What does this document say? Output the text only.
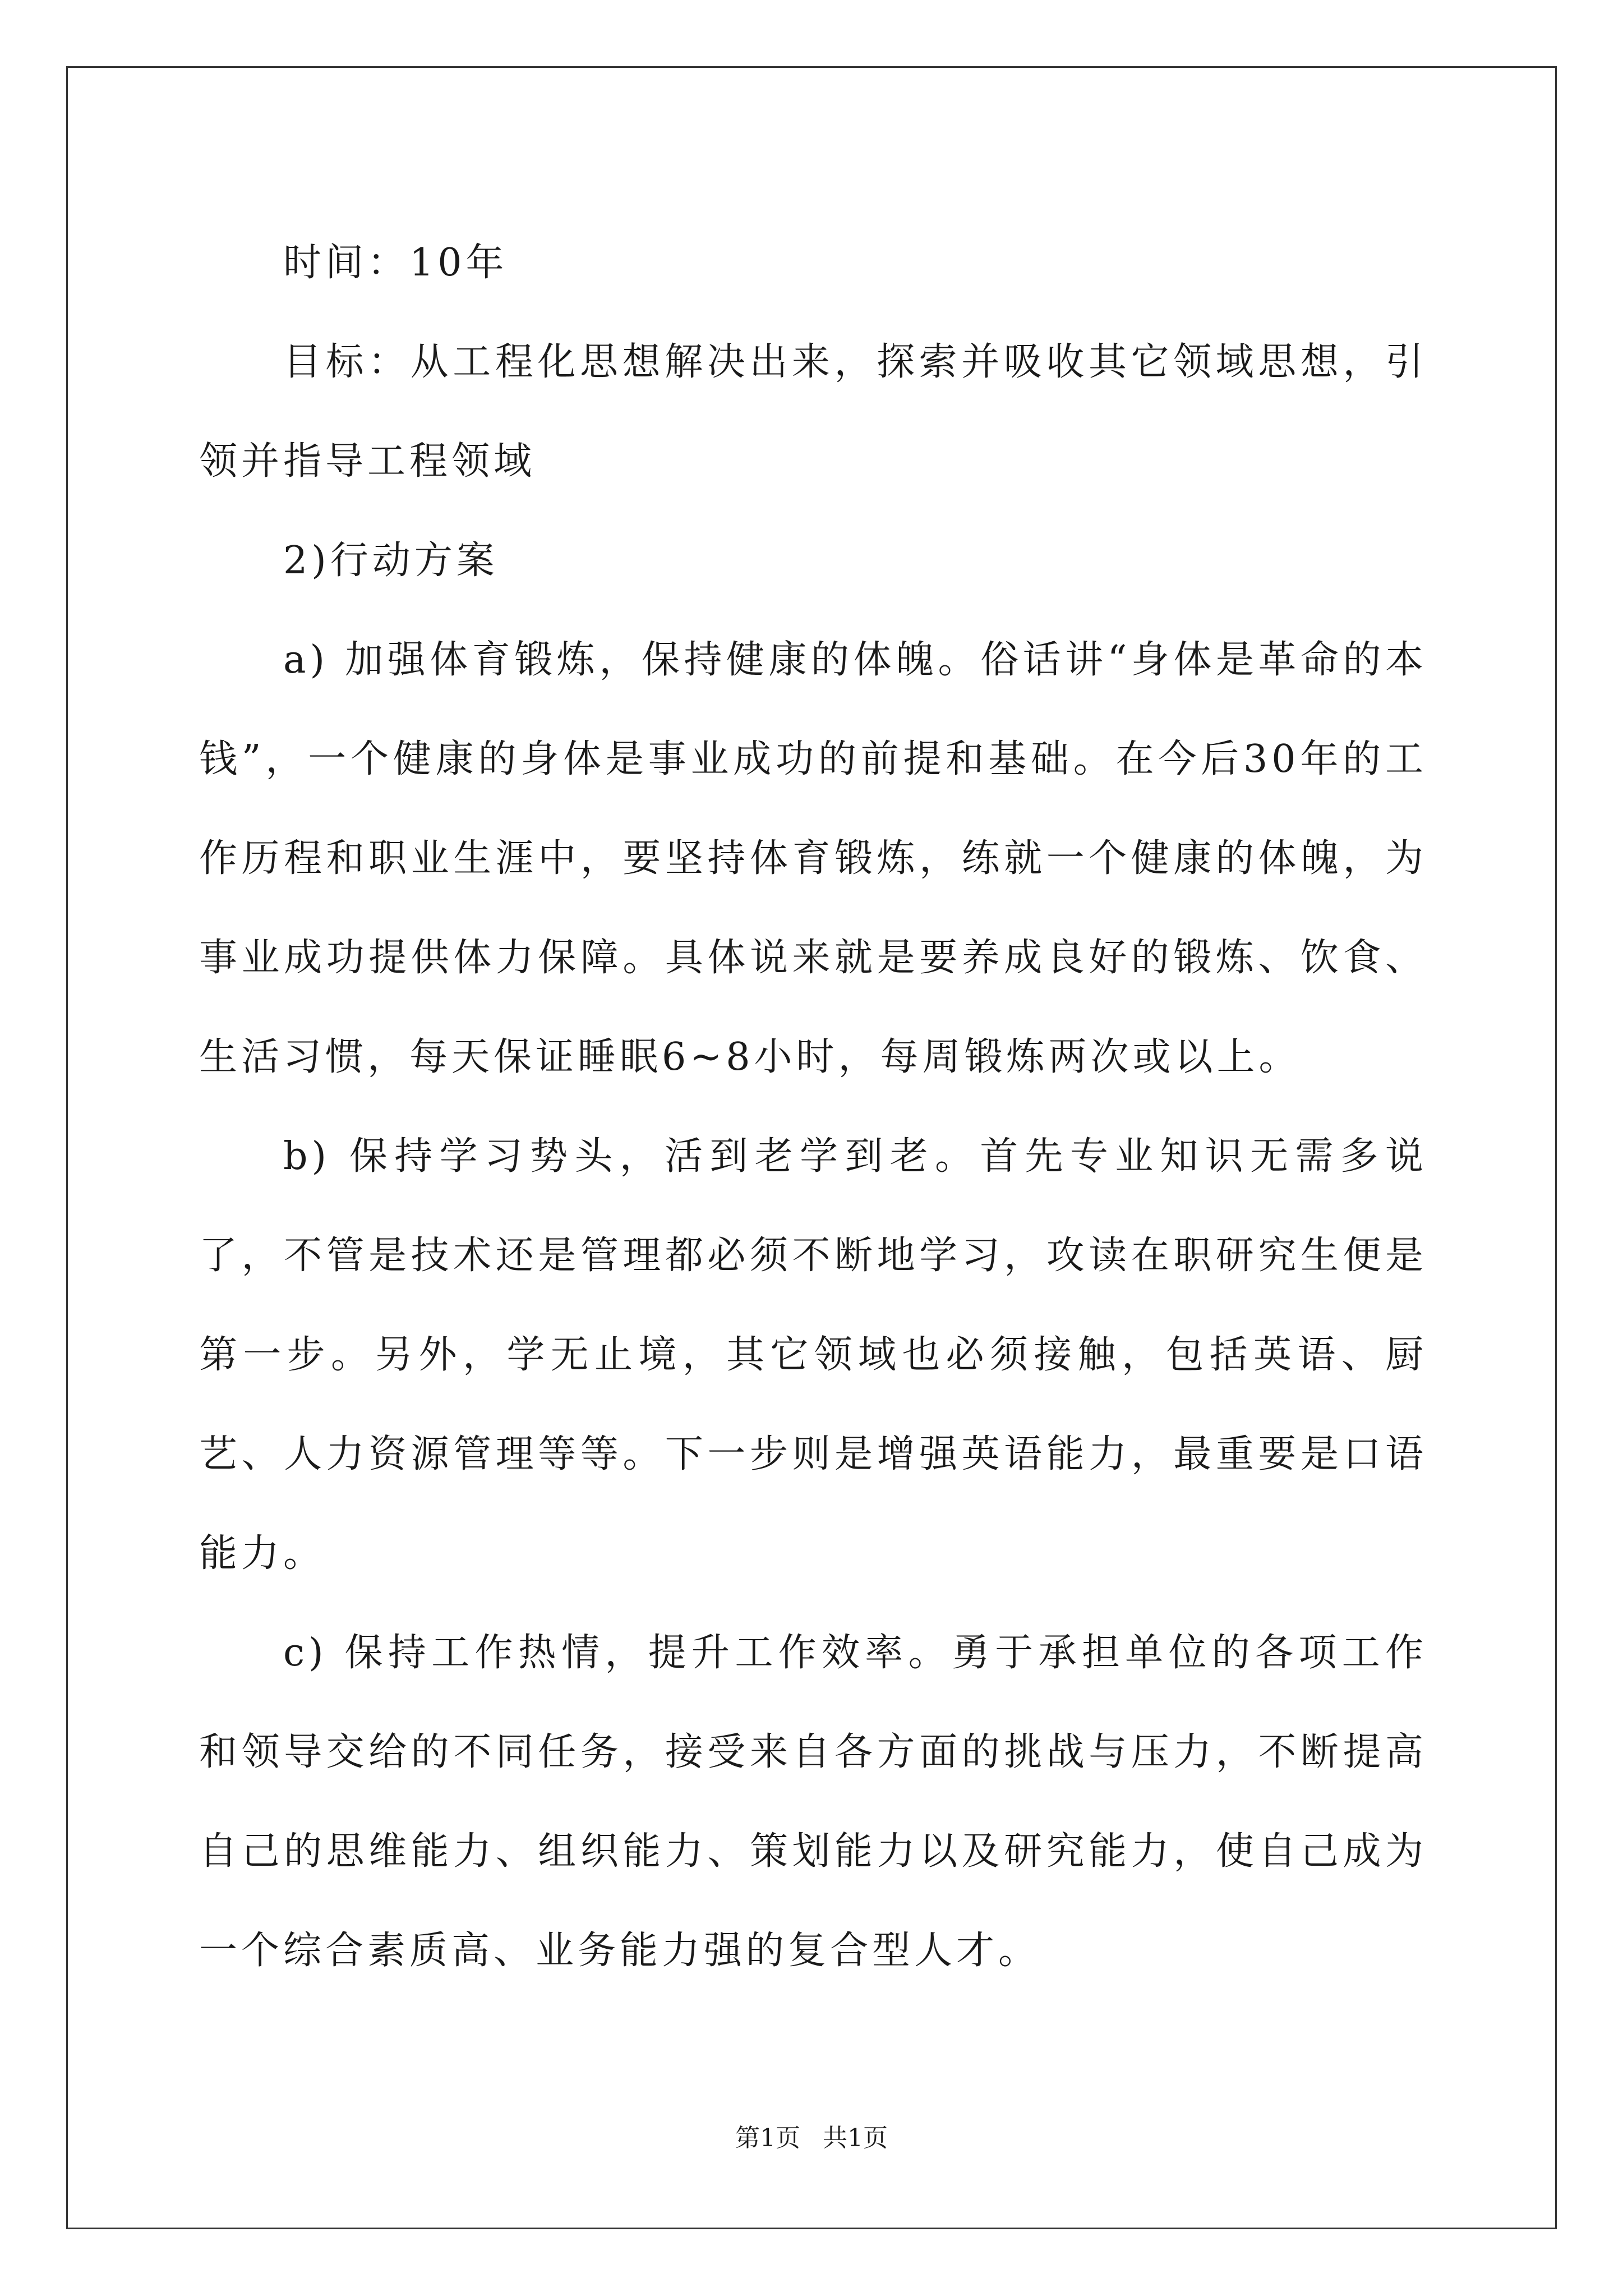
时间：10年

目标：从工程化思想解决出来，探索并吸收其它领域思想，引领并指导工程领域

2)行动方案

a) 加强体育锻炼，保持健康的体魄。俗话讲“身体是革命的本钱”，一个健康的身体是事业成功的前提和基础。在今后30年的工作历程和职业生涯中，要坚持体育锻炼，练就一个健康的体魄，为事业成功提供体力保障。具体说来就是要养成良好的锻炼、饮食、生活习惯，每天保证睡眠6~8小时，每周锻炼两次或以上。

b) 保持学习势头，活到老学到老。首先专业知识无需多说了，不管是技术还是管理都必须不断地学习，攻读在职研究生便是第一步。另外，学无止境，其它领域也必须接触，包括英语、厨艺、人力资源管理等等。下一步则是增强英语能力，最重要是口语能力。

c) 保持工作热情，提升工作效率。勇于承担单位的各项工作和领导交给的不同任务，接受来自各方面的挑战与压力，不断提高自己的思维能力、组织能力、策划能力以及研究能力，使自己成为一个综合素质高、业务能力强的复合型人才。

第1页 共1页
